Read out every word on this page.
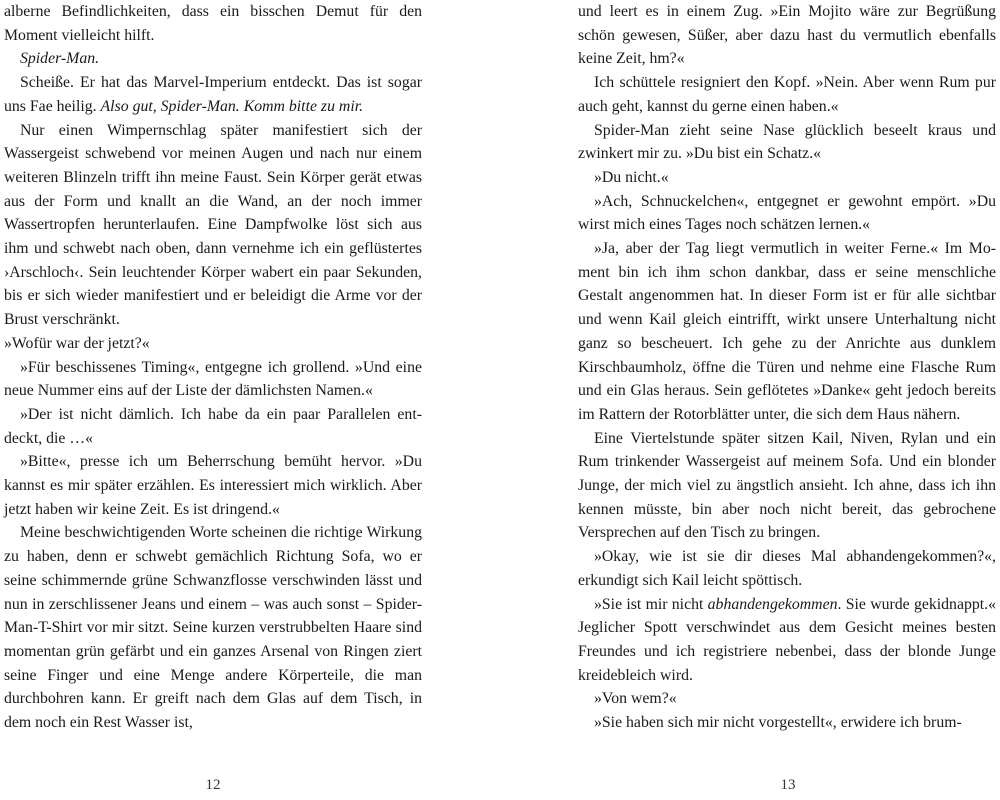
alberne Befindlichkeiten, dass ein bisschen Demut für den Moment vielleicht hilft.

Spider-Man.

Scheiße. Er hat das Marvel-Imperium entdeckt. Das ist sogar uns Fae heilig. Also gut, Spider-Man. Komm bitte zu mir.

Nur einen Wimpernschlag später manifestiert sich der Wassergeist schwebend vor meinen Augen und nach nur einem weiteren Blinzeln trifft ihn meine Faust. Sein Körper gerät etwas aus der Form und knallt an die Wand, an der noch immer Wassertropfen herunterlaufen. Eine Dampfwolke löst sich aus ihm und schwebt nach oben, dann vernehme ich ein geflüstertes ›Arschloch‹. Sein leuchtender Körper wabert ein paar Sekunden, bis er sich wieder manifestiert und er beleidigt die Arme vor der Brust verschränkt.

»Wofür war der jetzt?«

»Für beschissenes Timing«, entgegne ich grollend. »Und eine neue Nummer eins auf der Liste der dämlichsten Namen.«

»Der ist nicht dämlich. Ich habe da ein paar Parallelen entdeckt, die …«

»Bitte«, presse ich um Beherrschung bemüht hervor. »Du kannst es mir später erzählen. Es interessiert mich wirklich. Aber jetzt haben wir keine Zeit. Es ist dringend.«

Meine beschwichtigenden Worte scheinen die richtige Wirkung zu haben, denn er schwebt gemächlich Richtung Sofa, wo er seine schimmernde grüne Schwanzflosse verschwinden lässt und nun in zerschlissener Jeans und einem – was auch sonst – Spider-Man-T-Shirt vor mir sitzt. Seine kurzen verstrubbelten Haare sind momentan grün gefärbt und ein ganzes Arsenal von Ringen ziert seine Finger und eine Menge andere Körperteile, die man durchbohren kann. Er greift nach dem Glas auf dem Tisch, in dem noch ein Rest Wasser ist,

12

und leert es in einem Zug. »Ein Mojito wäre zur Begrüßung schön gewesen, Süßer, aber dazu hast du vermutlich ebenfalls keine Zeit, hm?«

Ich schüttele resigniert den Kopf. »Nein. Aber wenn Rum pur auch geht, kannst du gerne einen haben.«

Spider-Man zieht seine Nase glücklich beseelt kraus und zwinkert mir zu. »Du bist ein Schatz.«

»Du nicht.«

»Ach, Schnuckelchen«, entgegnet er gewohnt empört. »Du wirst mich eines Tages noch schätzen lernen.«

»Ja, aber der Tag liegt vermutlich in weiter Ferne.« Im Moment bin ich ihm schon dankbar, dass er seine menschliche Gestalt angenommen hat. In dieser Form ist er für alle sichtbar und wenn Kail gleich eintrifft, wirkt unsere Unterhaltung nicht ganz so bescheuert. Ich gehe zu der Anrichte aus dunklem Kirschbaumholz, öffne die Türen und nehme eine Flasche Rum und ein Glas heraus. Sein geflötetes »Danke« geht jedoch bereits im Rattern der Rotorblätter unter, die sich dem Haus nähern.

Eine Viertelstunde später sitzen Kail, Niven, Rylan und ein Rum trinkender Wassergeist auf meinem Sofa. Und ein blonder Junge, der mich viel zu ängstlich ansieht. Ich ahne, dass ich ihn kennen müsste, bin aber noch nicht bereit, das gebrochene Versprechen auf den Tisch zu bringen.

»Okay, wie ist sie dir dieses Mal abhandengekommen?«, erkundigt sich Kail leicht spöttisch.

»Sie ist mir nicht abhandengekommen. Sie wurde gekidnappt.« Jeglicher Spott verschwindet aus dem Gesicht meines besten Freundes und ich registriere nebenbei, dass der blonde Junge kreidebleich wird.

»Von wem?«

»Sie haben sich mir nicht vorgestellt«, erwidere ich brum-

13
